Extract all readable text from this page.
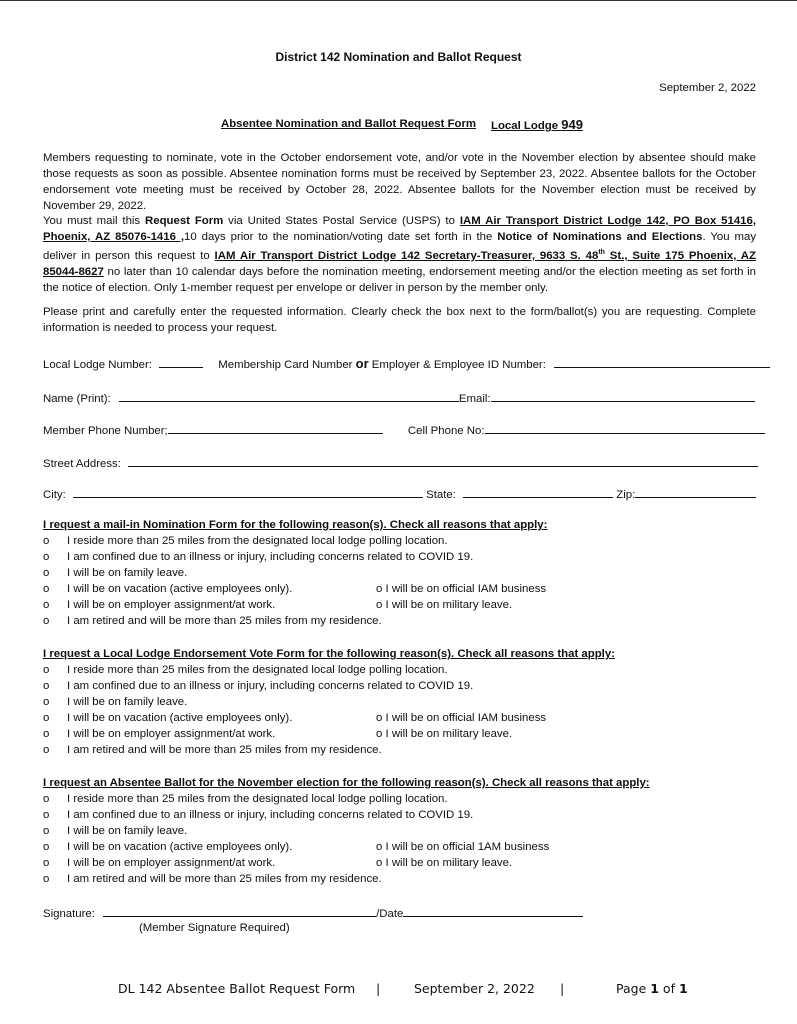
District 142 Nomination and Ballot Request
September 2, 2022
Absentee Nomination and Ballot Request Form Local Lodge 949
Members requesting to nominate, vote in the October endorsement vote, and/or vote in the November election by absentee should make those requests as soon as possible. Absentee nomination forms must be received by September 23, 2022. Absentee ballots for the October endorsement vote meeting must be received by October 28, 2022. Absentee ballots for the November election must be received by November 29, 2022.
You must mail this Request Form via United States Postal Service (USPS) to IAM Air Transport District Lodge 142, PO Box 51416, Phoenix, AZ 85076-1416 ,10 days prior to the nomination/voting date set forth in the Notice of Nominations and Elections. You may deliver in person this request to IAM Air Transport District Lodge 142 Secretary-Treasurer, 9633 S. 48th St., Suite 175 Phoenix, AZ 85044-8627 no later than 10 calendar days before the nomination meeting, endorsement meeting and/or the election meeting as set forth in the notice of election. Only 1-member request per envelope or deliver in person by the member only.
Please print and carefully enter the requested information. Clearly check the box next to the form/ballot(s) you are requesting. Complete information is needed to process your request.
Local Lodge Number:	Membership Card Number or Employer & Employee ID Number:
Name (Print):	Email:
Member Phone Number;	Cell Phone No:
Street Address:
City:	State:	Zip:
I request a mail-in Nomination Form for the following reason(s). Check all reasons that apply:
o I reside more than 25 miles from the designated local lodge polling location.
o I am confined due to an illness or injury, including concerns related to COVID 19.
o I will be on family leave.
o I will be on vacation (active employees only).
o I will be on employer assignment/at work.
o I am retired and will be more than 25 miles from my residence.
o I will be on official IAM business
o I will be on military leave.
I request a Local Lodge Endorsement Vote Form for the following reason(s). Check all reasons that apply:
o I reside more than 25 miles from the designated local lodge polling location.
o I am confined due to an illness or injury, including concerns related to COVID 19.
o I will be on family leave.
o I will be on vacation (active employees only).
o I will be on employer assignment/at work.
o I am retired and will be more than 25 miles from my residence.
o I will be on official IAM business
o I will be on military leave.
I request an Absentee Ballot for the November election for the following reason(s). Check all reasons that apply:
o I reside more than 25 miles from the designated local lodge polling location.
o I am confined due to an illness or injury, including concerns related to COVID 19.
o I will be on family leave.
o I will be on vacation (active employees only).
o I will be on employer assignment/at work.
o I am retired and will be more than 25 miles from my residence.
o I will be on official 1AM business
o I will be on military leave.
Signature:	/Date
(Member Signature Required)
DL 142 Absentee Ballot Request Form |	September 2, 2022 |	Page 1 of 1
